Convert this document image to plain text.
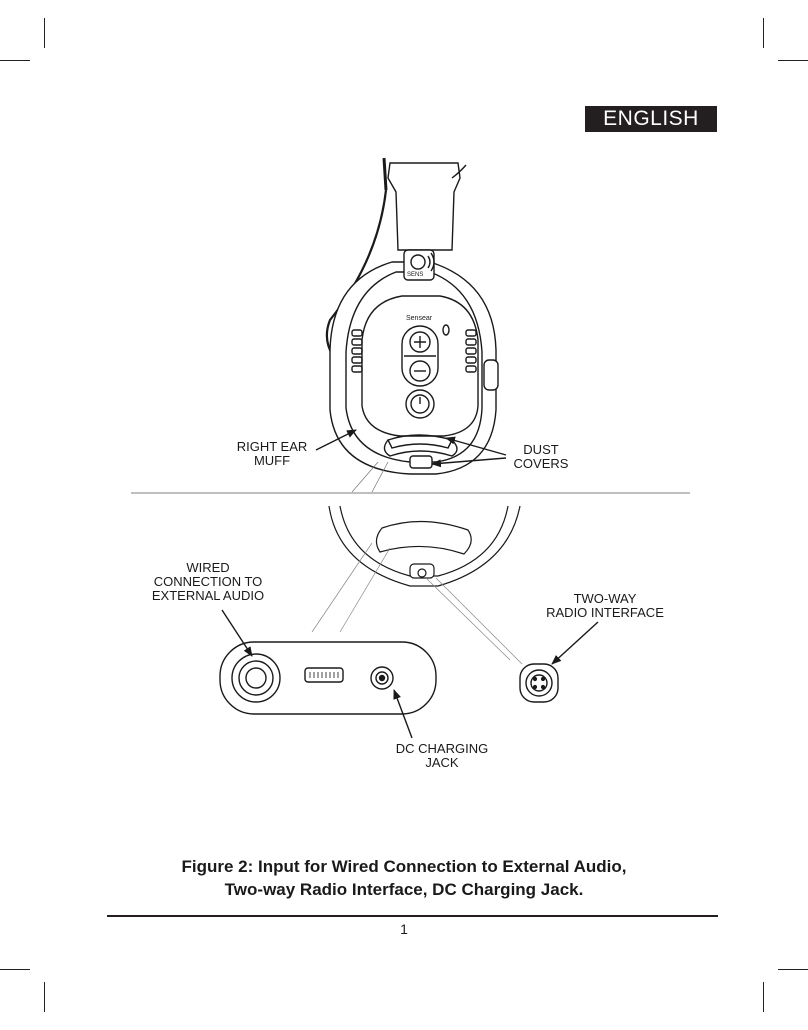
ENGLISH
Sensear
SENS
RIGHT EAR
MUFF
DUST
COVERS
WIRED
CONNECTION TO
EXTERNAL AUDIO	TWO-WAY
RADIO INTERFACE
DC CHARGING
JACK
Figure 2: Input for Wired Connection to External Audio,
Two-way Radio Interface, DC Charging Jack.
1
